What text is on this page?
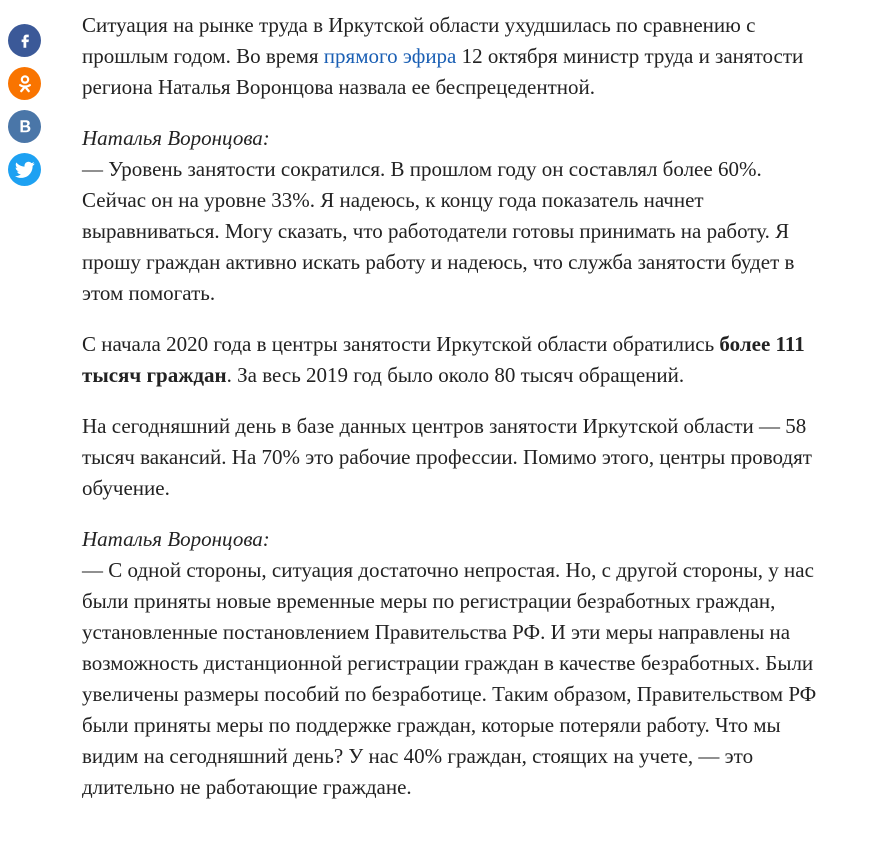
Ситуация на рынке труда в Иркутской области ухудшилась по сравнению с прошлым годом. Во время прямого эфира 12 октября министр труда и занятости региона Наталья Воронцова назвала ее беспрецедентной.

Наталья Воронцова:
— Уровень занятости сократился. В прошлом году он составлял более 60%. Сейчас он на уровне 33%. Я надеюсь, к концу года показатель начнет выравниваться. Могу сказать, что работодатели готовы принимать на работу. Я прошу граждан активно искать работу и надеюсь, что служба занятости будет в этом помогать.

С начала 2020 года в центры занятости Иркутской области обратились более 111 тысяч граждан. За весь 2019 год было около 80 тысяч обращений.

На сегодняшний день в базе данных центров занятости Иркутской области — 58 тысяч вакансий. На 70% это рабочие профессии. Помимо этого, центры проводят обучение.

Наталья Воронцова:
— С одной стороны, ситуация достаточно непростая. Но, с другой стороны, у нас были приняты новые временные меры по регистрации безработных граждан, установленные постановлением Правительства РФ. И эти меры направлены на возможность дистанционной регистрации граждан в качестве безработных. Были увеличены размеры пособий по безработице. Таким образом, Правительством РФ были приняты меры по поддержке граждан, которые потеряли работу. Что мы видим на сегодняшний день? У нас 40% граждан, стоящих на учете, — это длительно не работающие граждане.
